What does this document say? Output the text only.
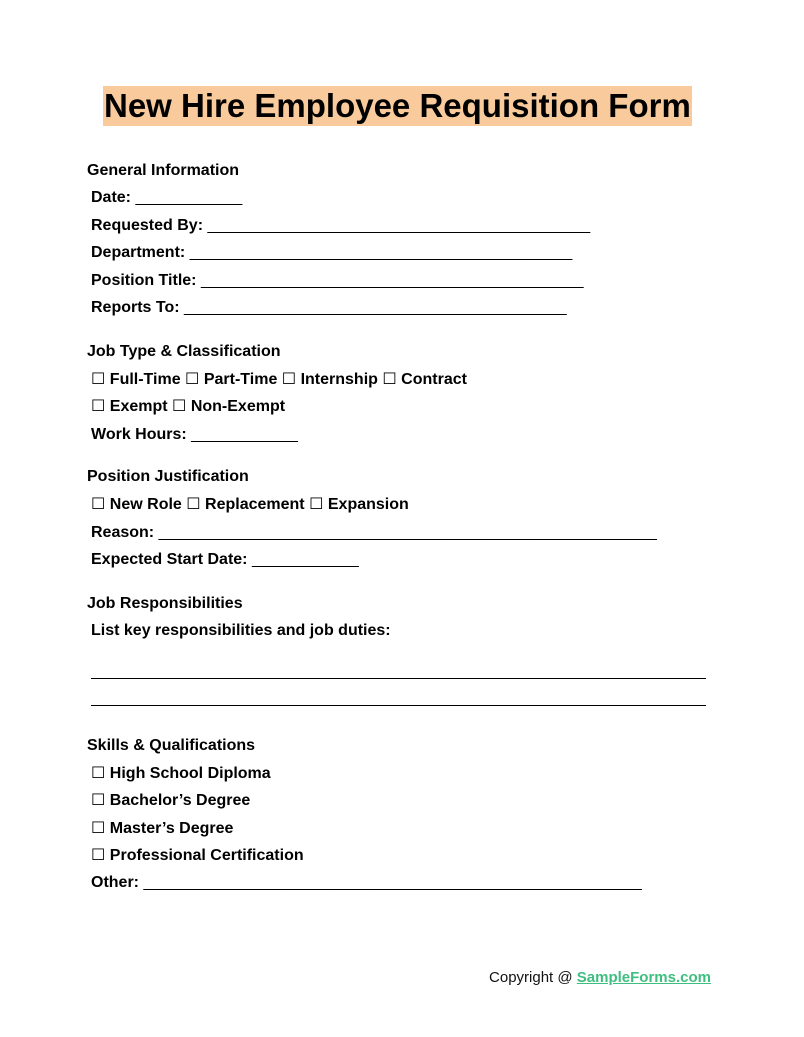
New Hire Employee Requisition Form
General Information
Date: ____________
Requested By: ___________________________________________
Department: ___________________________________________
Position Title: ___________________________________________
Reports To: ___________________________________________
Job Type & Classification
☐ Full-Time ☐ Part-Time ☐ Internship ☐ Contract
☐ Exempt ☐ Non-Exempt
Work Hours: ____________
Position Justification
☐ New Role ☐ Replacement ☐ Expansion
Reason: ________________________________________________________
Expected Start Date: ____________
Job Responsibilities
List key responsibilities and job duties:
Skills & Qualifications
☐ High School Diploma
☐ Bachelor’s Degree
☐ Master’s Degree
☐ Professional Certification
Other: ________________________________________________________
Copyright @ SampleForms.com
